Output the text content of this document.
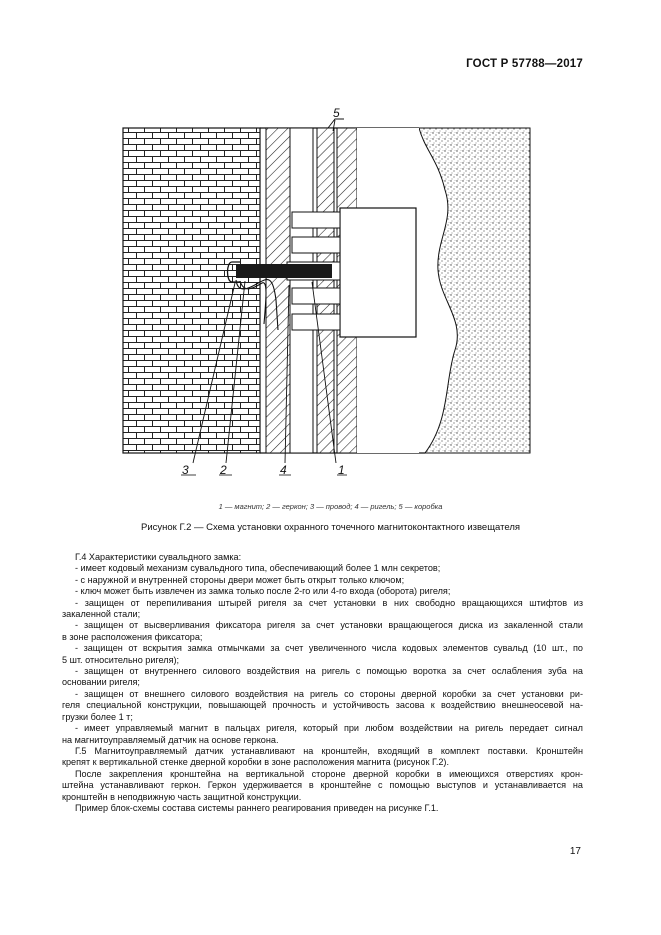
ГОСТ Р 57788—2017
5
3	2	4	1
1 — магнит; 2 — геркон; 3 — провод; 4 — ригель; 5 — коробка
Рисунок Г.2 — Схема установки охранного точечного магнитоконтактного извещателя

Г.4 Характеристики сувальдного замка:

- имеет кодовый механизм сувальдного типа, обеспечивающий более 1 млн секретов;

- с наружной и внутренней стороны двери может быть открыт только ключом;

- ключ может быть извлечен из замка только после 2-го или 4-го входа (оборота) ригеля;

- защищен от перепиливания штырей ригеля за счет установки в них свободно вращающихся штифтов из

закаленной стали;

- защищен от высверливания фиксатора ригеля за счет установки вращающегося диска из закаленной стали

в зоне расположения фиксатора;

- защищен от вскрытия замка отмычками за счет увеличенного числа кодовых элементов сувальд (10 шт., по

5 шт. относительно ригеля);

- защищен от внутреннего силового воздействия на ригель с помощью воротка за счет ослабления зуба на

основании ригеля;

- защищен от внешнего силового воздействия на ригель со стороны дверной коробки за счет установки ри-

геля специальной конструкции, повышающей прочность и устойчивость засова к воздействию внешнеосевой на-

грузки более 1 т;

- имеет управляемый магнит в пальцах ригеля, который при любом воздействии на ригель передает сигнал

на магнитоуправляемый датчик на основе геркона.

Г.5 Магнитоуправляемый датчик устанавливают на кронштейн, входящий в комплект поставки. Кронштейн

крепят к вертикальной стенке дверной коробки в зоне расположения магнита (рисунок Г.2).

После закрепления кронштейна на вертикальной стороне дверной коробки в имеющихся отверстиях крон-

штейна устанавливают геркон. Геркон удерживается в кронштейне с помощью выступов и устанавливается на

кронштейн в неподвижную часть защитной конструкции.

Пример блок-схемы состава системы раннего реагирования приведен на рисунке Г.1.

17
